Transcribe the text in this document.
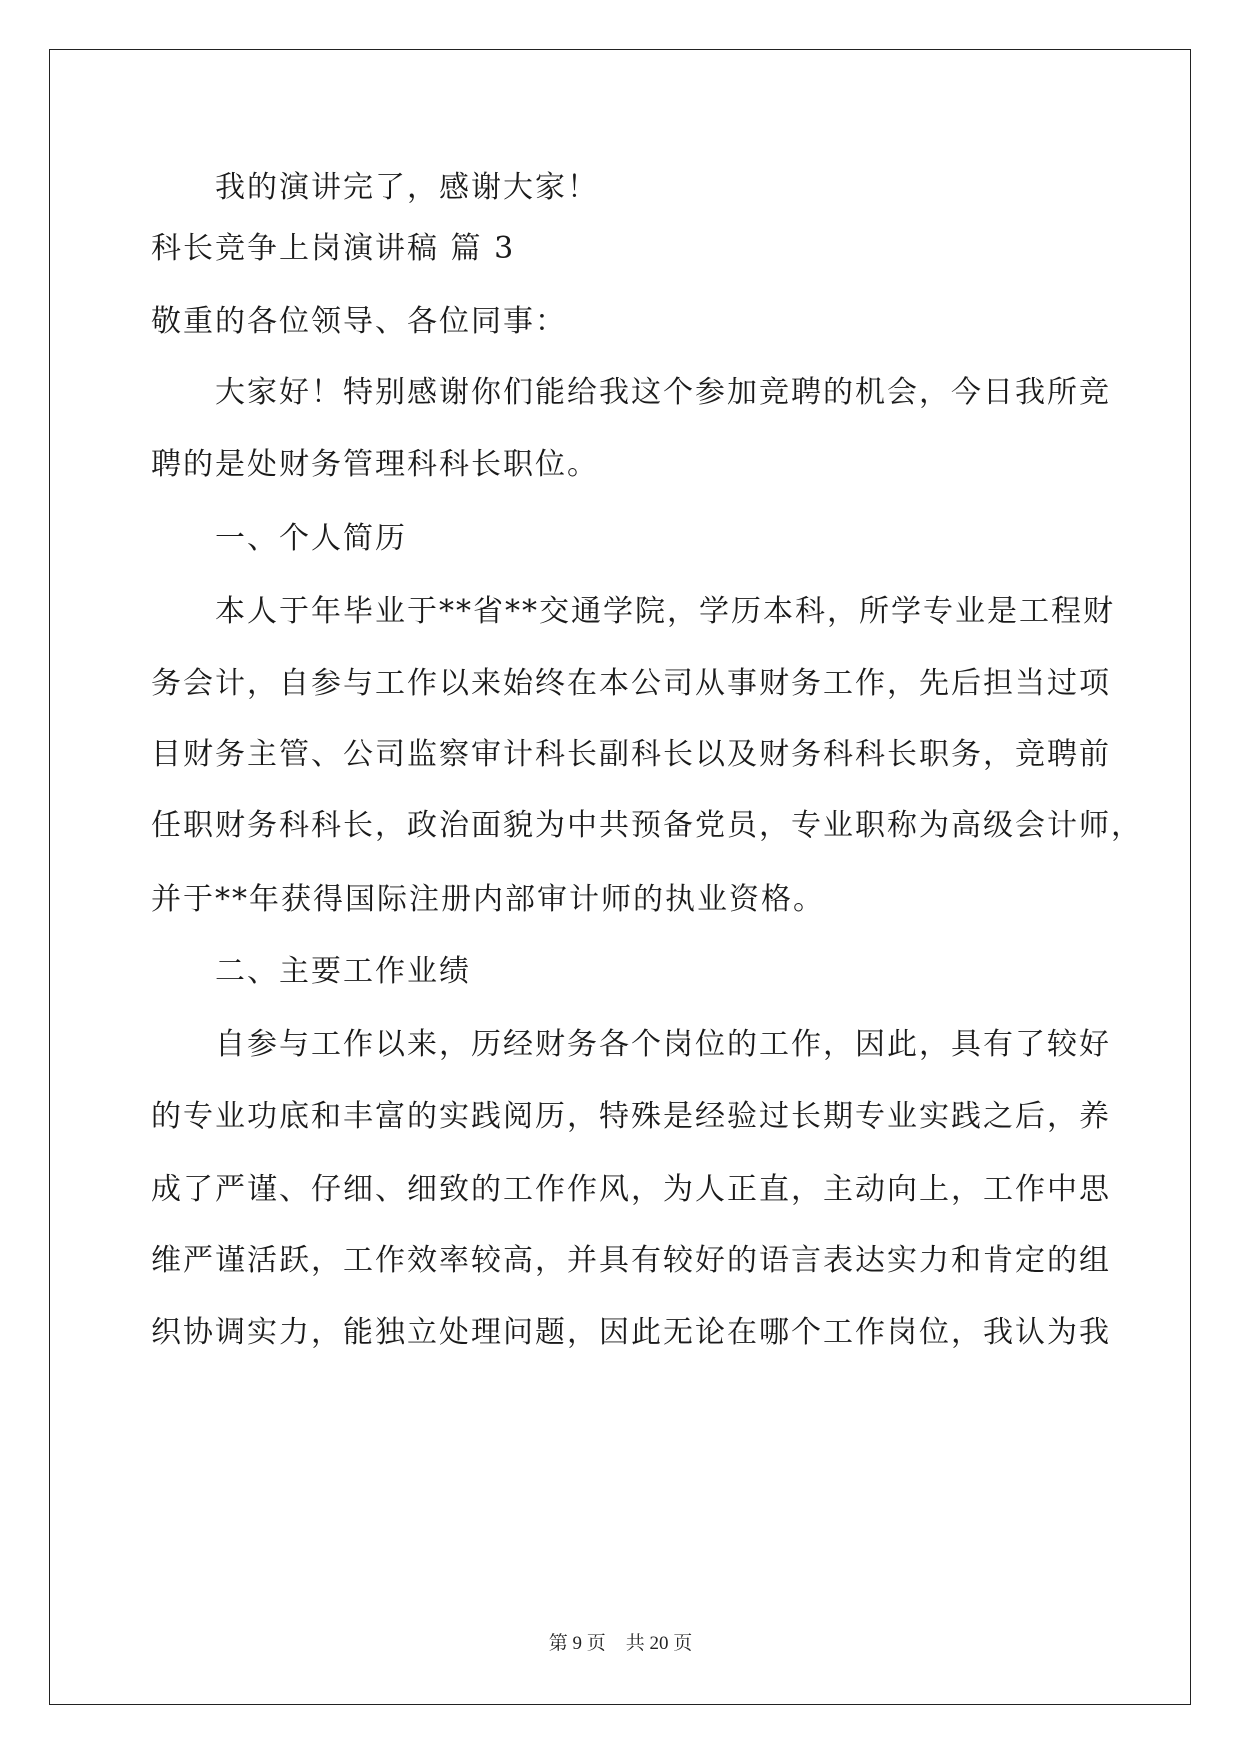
　　我的演讲完了，感谢大家！
科长竞争上岗演讲稿 篇 3
敬重的各位领导、各位同事：
　　大家好！特别感谢你们能给我这个参加竞聘的机会，今日我所竞
聘的是处财务管理科科长职位。
　　一、个人简历
　　本人于年毕业于**省**交通学院，学历本科，所学专业是工程财
务会计，自参与工作以来始终在本公司从事财务工作，先后担当过项
目财务主管、公司监察审计科长副科长以及财务科科长职务，竞聘前
任职财务科科长，政治面貌为中共预备党员，专业职称为高级会计师，
并于**年获得国际注册内部审计师的执业资格。
　　二、主要工作业绩
　　自参与工作以来，历经财务各个岗位的工作，因此，具有了较好
的专业功底和丰富的实践阅历，特殊是经验过长期专业实践之后，养
成了严谨、仔细、细致的工作作风，为人正直，主动向上，工作中思
维严谨活跃，工作效率较高，并具有较好的语言表达实力和肯定的组
织协调实力，能独立处理问题，因此无论在哪个工作岗位，我认为我
第 9 页 共 20 页
